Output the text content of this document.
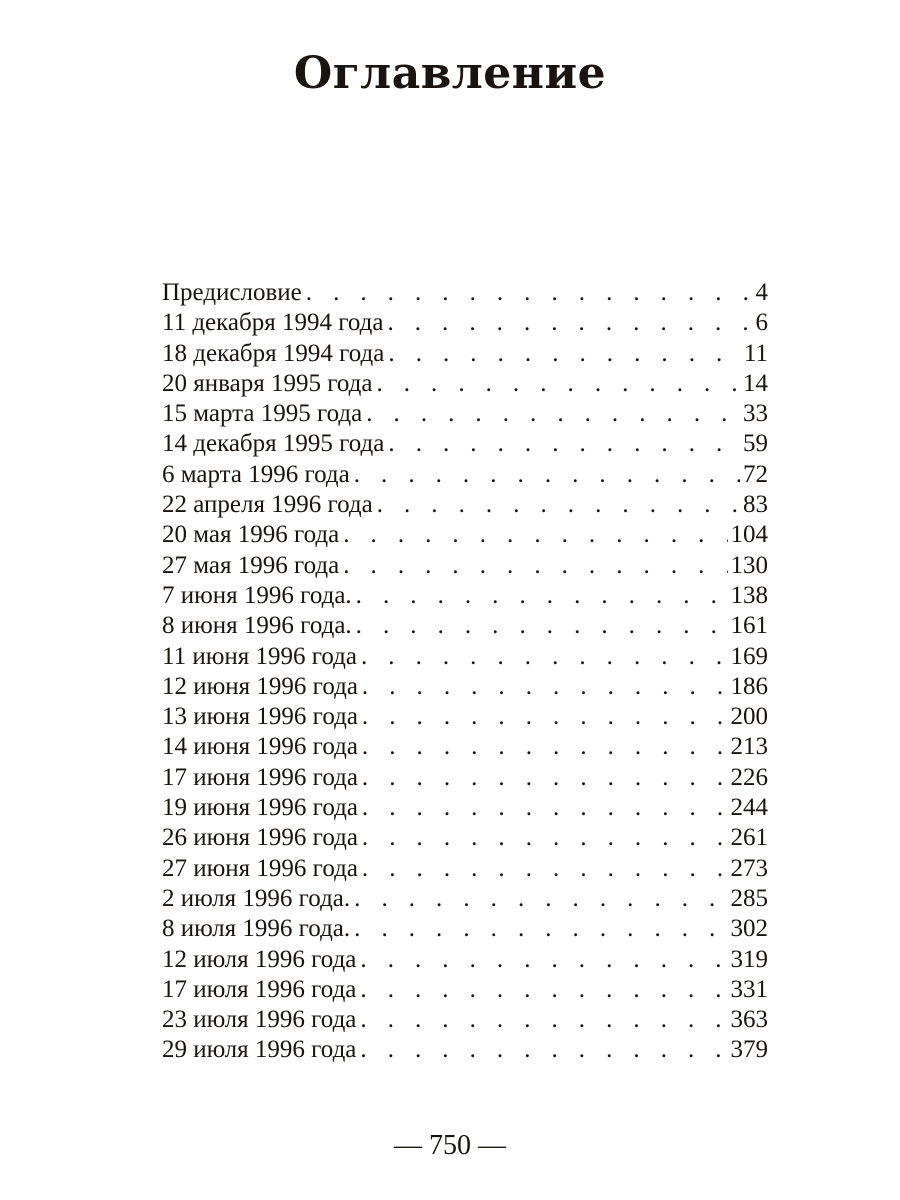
Оглавление
Предисловие . . .	4
11 декабря 1994 года . . .	6
18 декабря 1994 года . . .	11
20 января 1995 года . . .	14
15 марта 1995 года . . .	33
14 декабря 1995 года . . .	59
6 марта 1996 года . . .	72
22 апреля 1996 года . . .	83
20 мая 1996 года . . .	104
27 мая 1996 года . . .	130
7 июня 1996 года. . . .	138
8 июня 1996 года. . . .	161
11 июня 1996 года . . .	169
12 июня 1996 года . . .	186
13 июня 1996 года . . .	200
14 июня 1996 года . . .	213
17 июня 1996 года . . .	226
19 июня 1996 года . . .	244
26 июня 1996 года . . .	261
27 июня 1996 года . . .	273
2 июля 1996 года. . . .	285
8 июля 1996 года. . . .	302
12 июля 1996 года . . .	319
17 июля 1996 года . . .	331
23 июля 1996 года . . .	363
29 июля 1996 года . . .	379
— 750 —
